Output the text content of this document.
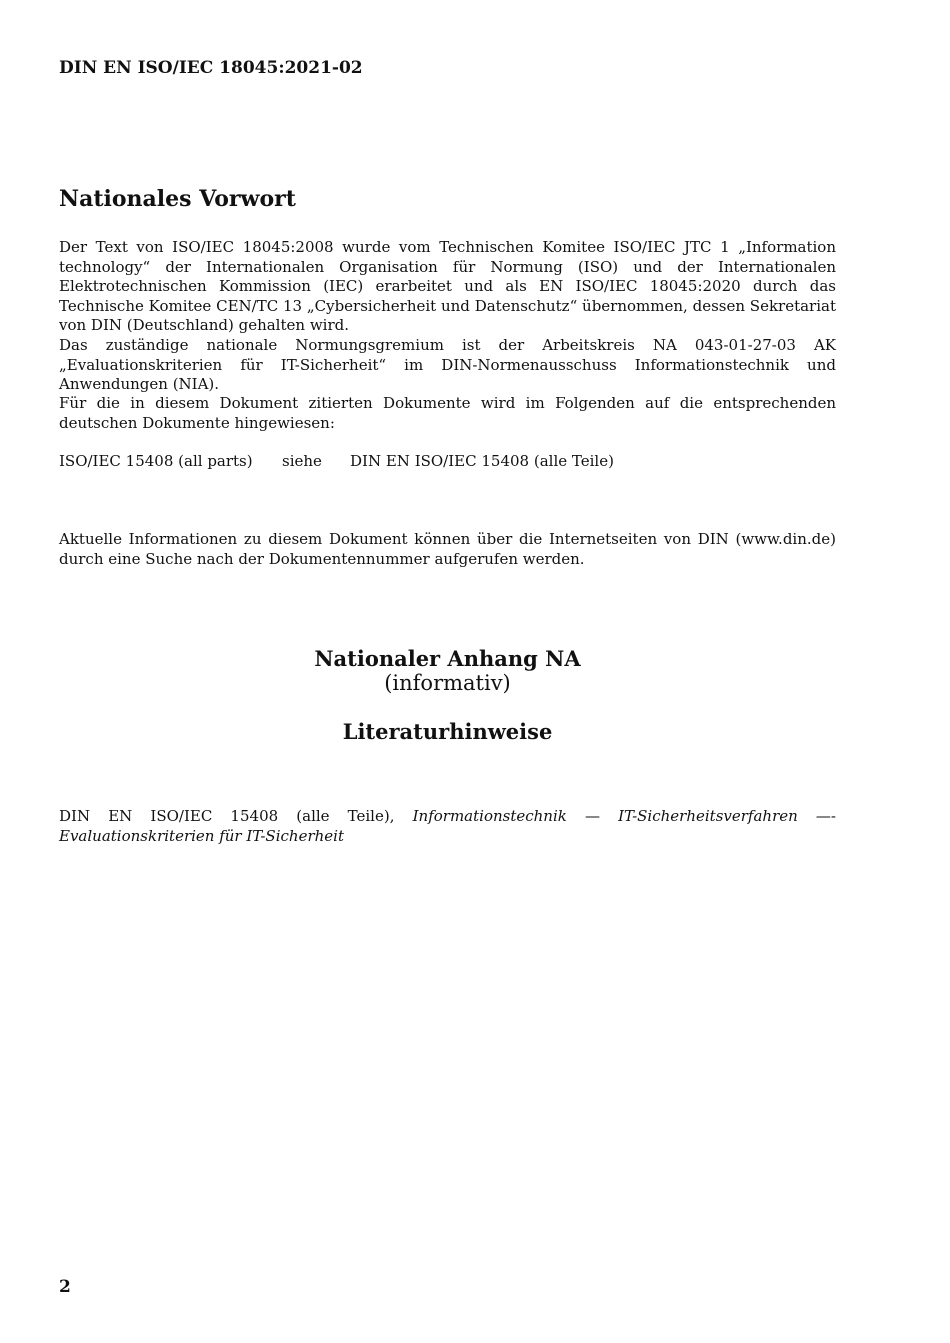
DIN EN ISO/IEC 18045:2021-02
Nationales Vorwort
Der Text von ISO/IEC 18045:2008 wurde vom Technischen Komitee ISO/IEC JTC 1 „Information technology“ der Internationalen Organisation für Normung (ISO) und der Internationalen Elektrotechnischen Kommission (IEC) erarbeitet und als EN ISO/IEC 18045:2020 durch das Technische Komitee CEN/TC 13 „Cybersicherheit und Datenschutz“ übernommen, dessen Sekretariat von DIN (Deutschland) gehalten wird.
Das zuständige nationale Normungsgremium ist der Arbeitskreis NA 043-01-27-03 AK „Evaluationskriterien für IT-Sicherheit“ im DIN-Normenausschuss Informationstechnik und Anwendungen (NIA).
Für die in diesem Dokument zitierten Dokumente wird im Folgenden auf die entsprechenden deutschen Dokumente hingewiesen:
ISO/IEC 15408 (all parts) siehe DIN EN ISO/IEC 15408 (alle Teile)
Aktuelle Informationen zu diesem Dokument können über die Internetseiten von DIN (www.din.de) durch eine Suche nach der Dokumentennummer aufgerufen werden.
Nationaler Anhang NA
(informativ)
Literaturhinweise
DIN EN ISO/IEC 15408 (alle Teile), Informationstechnik — IT-Sicherheitsverfahren —- Evaluationskriterien für IT-Sicherheit
2
